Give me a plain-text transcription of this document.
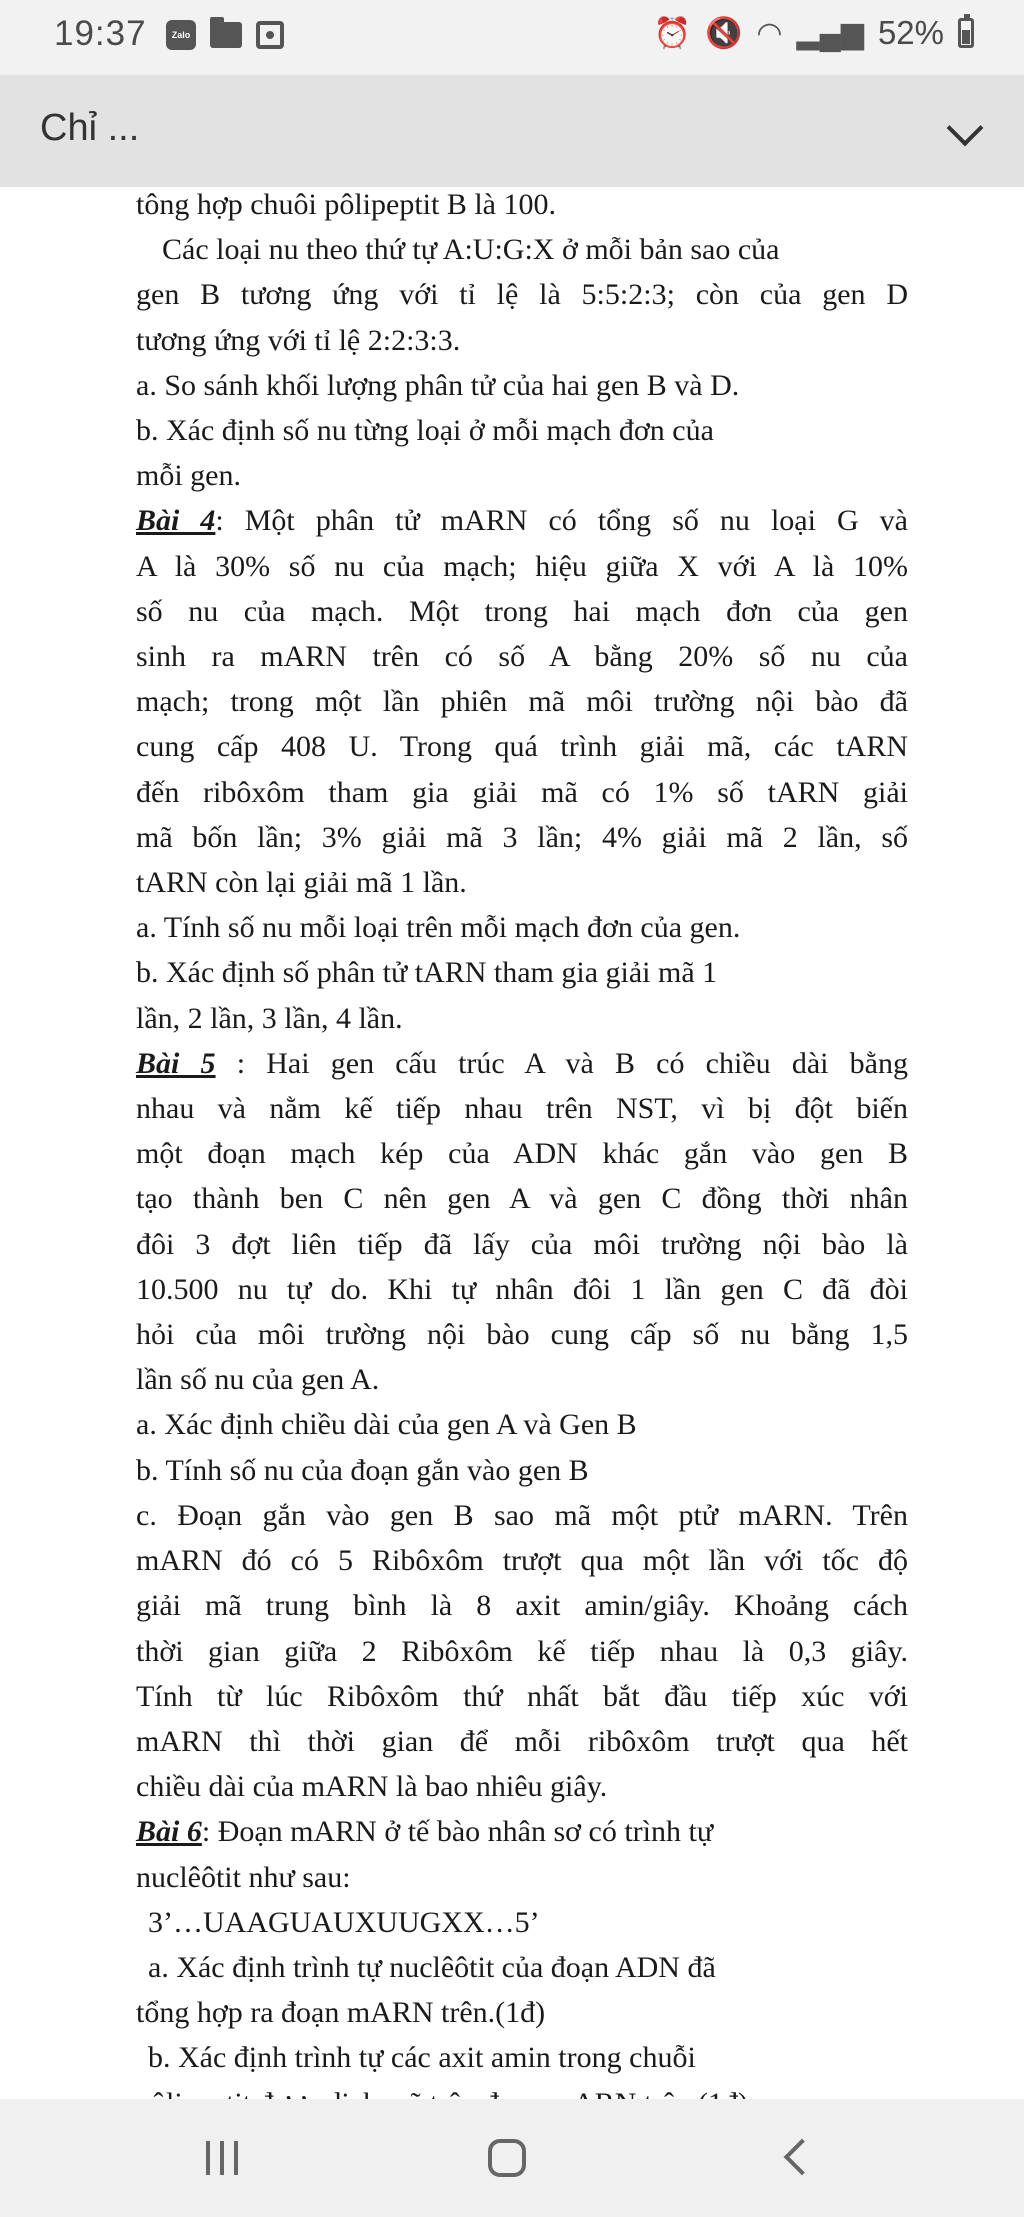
19:37	Zalo	⏰ 🔇 ◠ ▂▄▆ 52%
Chỉ ...

tông hợp chuôi pôlipeptit B là 100.

Các loại nu theo thứ tự A:U:G:X ở mỗi bản sao của

gen B tương ứng với tỉ lệ là 5:5:2:3; còn của gen D

tương ứng với tỉ lệ 2:2:3:3.

a. So sánh khối lượng phân tử của hai gen B và D.

b. Xác định số nu từng loại ở mỗi mạch đơn của

mỗi gen.

Bài 4: Một phân tử mARN có tổng số nu loại G và

A là 30% số nu của mạch; hiệu giữa X với A là 10%

số nu của mạch. Một trong hai mạch đơn của gen

sinh ra mARN trên có số A bằng 20% số nu của

mạch; trong một lần phiên mã môi trường nội bào đã

cung cấp 408 U. Trong quá trình giải mã, các tARN

đến ribôxôm tham gia giải mã có 1% số tARN giải

mã bốn lần; 3% giải mã 3 lần; 4% giải mã 2 lần, số

tARN còn lại giải mã 1 lần.

a. Tính số nu mỗi loại trên mỗi mạch đơn của gen.

b. Xác định số phân tử tARN tham gia giải mã 1

lần, 2 lần, 3 lần, 4 lần.

Bài 5 : Hai gen cấu trúc A và B có chiều dài bằng

nhau và nằm kế tiếp nhau trên NST, vì bị đột biến

một đoạn mạch kép của ADN khác gắn vào gen B

tạo thành ben C nên gen A và gen C đồng thời nhân

đôi 3 đợt liên tiếp đã lấy của môi trường nội bào là

10.500 nu tự do. Khi tự nhân đôi 1 lần gen C đã đòi

hỏi của môi trường nội bào cung cấp số nu bằng 1,5

lần số nu của gen A.

a. Xác định chiều dài của gen A và Gen B

b. Tính số nu của đoạn gắn vào gen B

c. Đoạn gắn vào gen B sao mã một ptử mARN. Trên

mARN đó có 5 Ribôxôm trượt qua một lần với tốc độ

giải mã trung bình là 8 axit amin/giây. Khoảng cách

thời gian giữa 2 Ribôxôm kế tiếp nhau là 0,3 giây.

Tính từ lúc Ribôxôm thứ nhất bắt đầu tiếp xúc với

mARN thì thời gian để mỗi ribôxôm trượt qua hết

chiều dài của mARN là bao nhiêu giây.

Bài 6: Đoạn mARN ở tế bào nhân sơ có trình tự

nuclêôtit như sau:

3’…UAAGUAUXUUGXX…5’

a. Xác định trình tự nuclêôtit của đoạn ADN đã

tổng hợp ra đoạn mARN trên.(1đ)

b. Xác định trình tự các axit amin trong chuỗi
